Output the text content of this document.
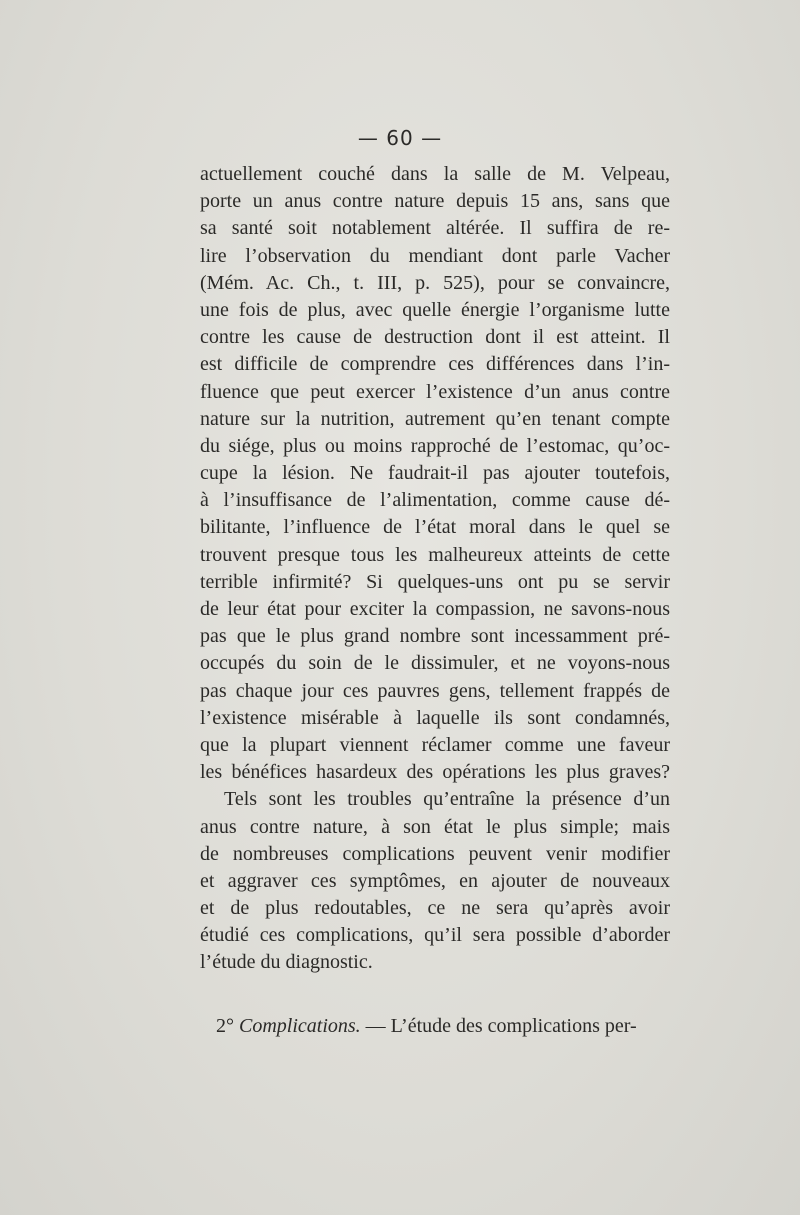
— 60 —
actuellement couché dans la salle de M. Velpeau,
porte un anus contre nature depuis 15 ans, sans que
sa santé soit notablement altérée. Il suffira de re-
lire l’observation du mendiant dont parle Vacher
(Mém. Ac. Ch., t. III, p. 525), pour se convaincre,
une fois de plus, avec quelle énergie l’organisme lutte
contre les cause de destruction dont il est atteint. Il
est difficile de comprendre ces différences dans l’in-
fluence que peut exercer l’existence d’un anus contre
nature sur la nutrition, autrement qu’en tenant compte
du siége, plus ou moins rapproché de l’estomac, qu’oc-
cupe la lésion. Ne faudrait-il pas ajouter toutefois,
à l’insuffisance de l’alimentation, comme cause dé-
bilitante, l’influence de l’état moral dans le quel se
trouvent presque tous les malheureux atteints de cette
terrible infirmité? Si quelques-uns ont pu se servir
de leur état pour exciter la compassion, ne savons-nous
pas que le plus grand nombre sont incessamment pré-
occupés du soin de le dissimuler, et ne voyons-nous
pas chaque jour ces pauvres gens, tellement frappés de
l’existence misérable à laquelle ils sont condamnés,
que la plupart viennent réclamer comme une faveur
les bénéfices hasardeux des opérations les plus graves?
Tels sont les troubles qu’entraîne la présence d’un
anus contre nature, à son état le plus simple; mais
de nombreuses complications peuvent venir modifier
et aggraver ces symptômes, en ajouter de nouveaux
et de plus redoutables, ce ne sera qu’après avoir
étudié ces complications, qu’il sera possible d’aborder
l’étude du diagnostic.
2° Complications. — L’étude des complications per-
